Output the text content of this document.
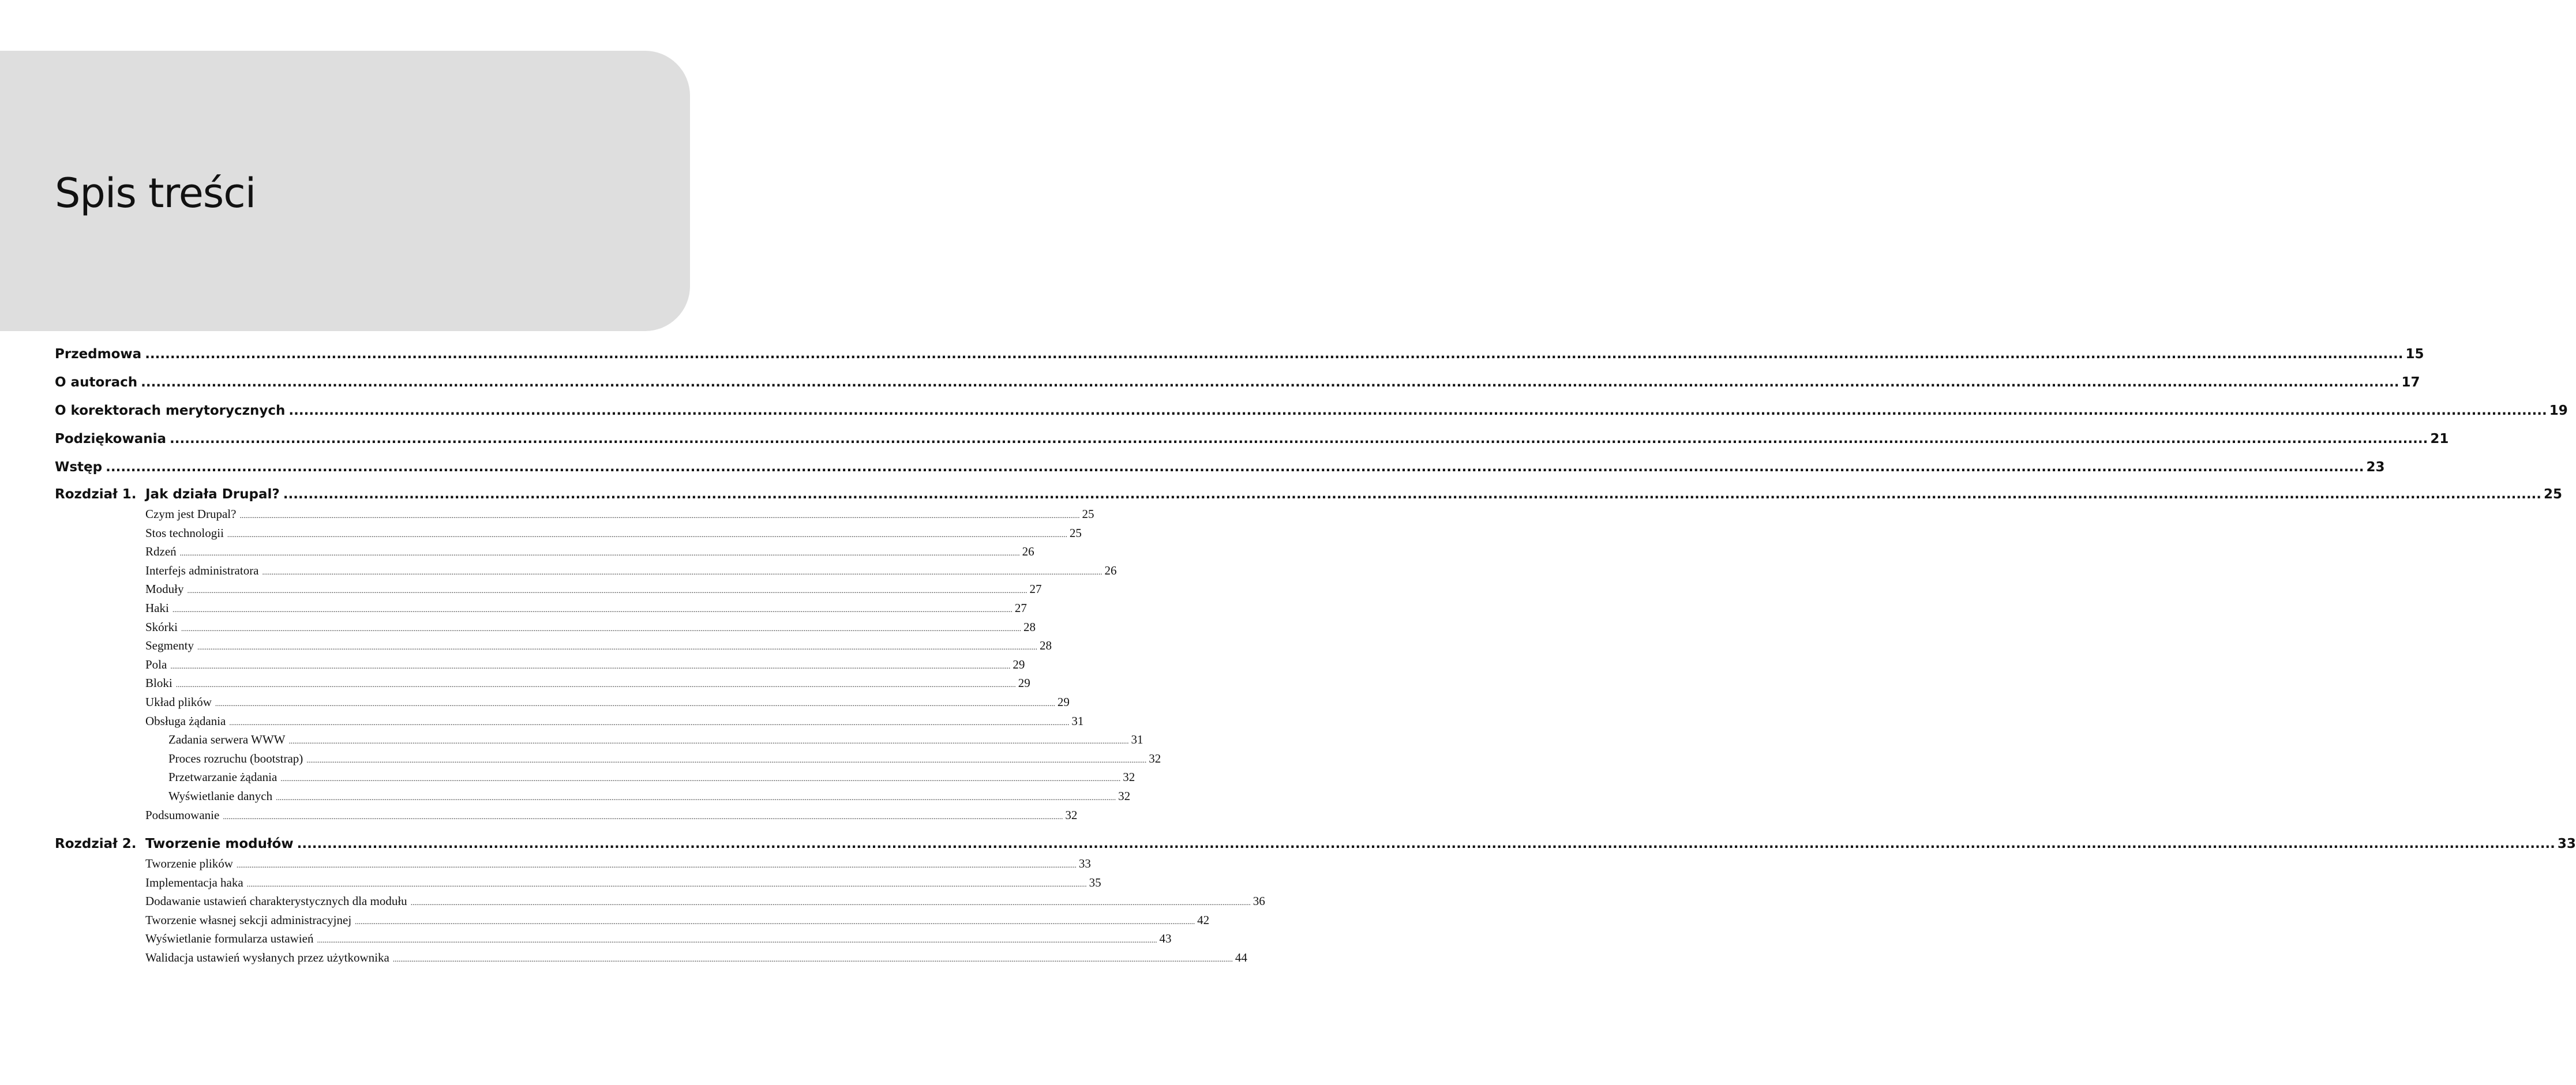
Spis treści
Przedmowa .....	15
O autorach .....	17
O korektorach merytorycznych .....	19
Podziękowania .....	21
Wstęp .....	23
Rozdział 1. Jak działa Drupal? .....	25
Czym jest Drupal? .....	25
Stos technologii .....	25
Rdzeń .....	26
Interfejs administratora .....	26
Moduły .....	27
Haki .....	27
Skórki .....	28
Segmenty .....	28
Pola .....	29
Bloki .....	29
Układ plików .....	29
Obsługa żądania .....	31
Zadania serwera WWW .....	31
Proces rozruchu (bootstrap) .....	32
Przetwarzanie żądania .....	32
Wyświetlanie danych .....	32
Podsumowanie .....	32
Rozdział 2. Tworzenie modułów .....	33
Tworzenie plików .....	33
Implementacja haka .....	35
Dodawanie ustawień charakterystycznych dla modułu .....	36
Tworzenie własnej sekcji administracyjnej .....	42
Wyświetlanie formularza ustawień .....	43
Walidacja ustawień wysłanych przez użytkownika .....	44
